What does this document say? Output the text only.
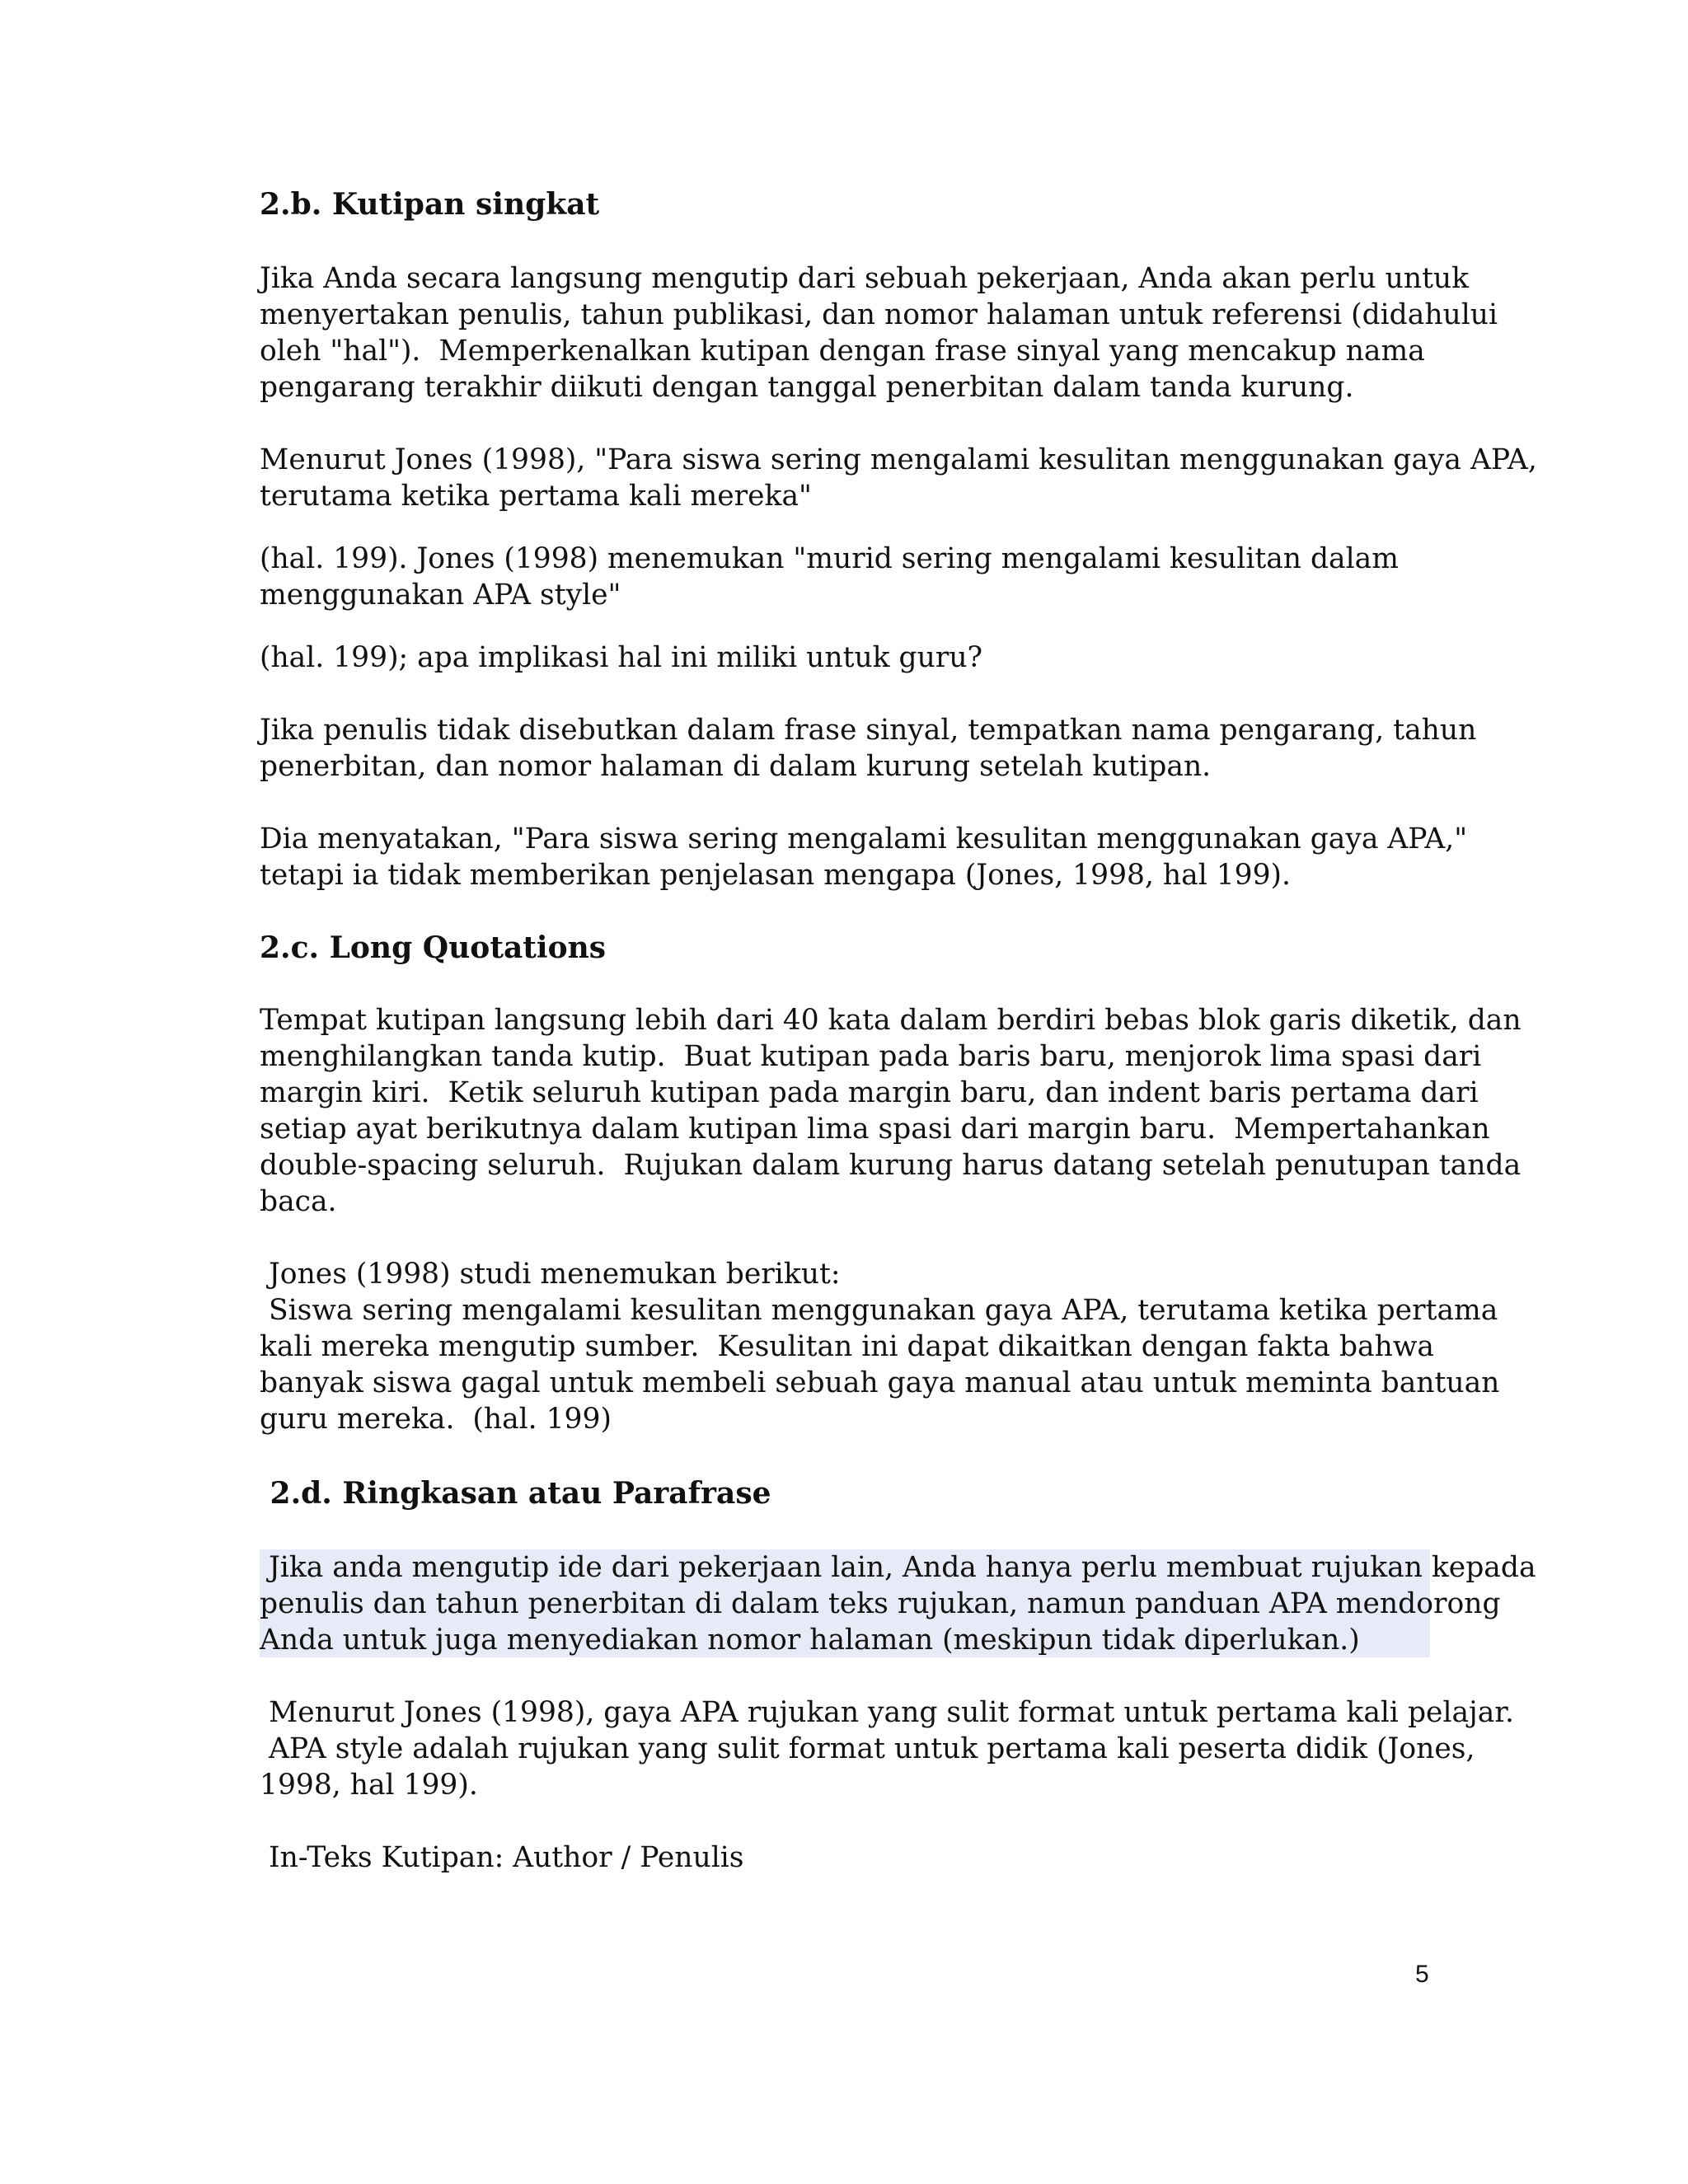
2.b. Kutipan singkat
Jika Anda secara langsung mengutip dari sebuah pekerjaan, Anda akan perlu untuk
menyertakan penulis, tahun publikasi, dan nomor halaman untuk referensi (didahului
oleh "hal").  Memperkenalkan kutipan dengan frase sinyal yang mencakup nama
pengarang terakhir diikuti dengan tanggal penerbitan dalam tanda kurung.
Menurut Jones (1998), "Para siswa sering mengalami kesulitan menggunakan gaya APA,
terutama ketika pertama kali mereka"
(hal. 199). Jones (1998) menemukan "murid sering mengalami kesulitan dalam
menggunakan APA style"
(hal. 199); apa implikasi hal ini miliki untuk guru?
Jika penulis tidak disebutkan dalam frase sinyal, tempatkan nama pengarang, tahun
penerbitan, dan nomor halaman di dalam kurung setelah kutipan.
Dia menyatakan, "Para siswa sering mengalami kesulitan menggunakan gaya APA,"
tetapi ia tidak memberikan penjelasan mengapa (Jones, 1998, hal 199).
2.c. Long Quotations
Tempat kutipan langsung lebih dari 40 kata dalam berdiri bebas blok garis diketik, dan
menghilangkan tanda kutip.  Buat kutipan pada baris baru, menjorok lima spasi dari
margin kiri.  Ketik seluruh kutipan pada margin baru, dan indent baris pertama dari
setiap ayat berikutnya dalam kutipan lima spasi dari margin baru.  Mempertahankan
double-spacing seluruh.  Rujukan dalam kurung harus datang setelah penutupan tanda
baca.
Jones (1998) studi menemukan berikut:
Siswa sering mengalami kesulitan menggunakan gaya APA, terutama ketika pertama
kali mereka mengutip sumber.  Kesulitan ini dapat dikaitkan dengan fakta bahwa
banyak siswa gagal untuk membeli sebuah gaya manual atau untuk meminta bantuan
guru mereka.  (hal. 199)
2.d. Ringkasan atau Parafrase
Jika anda mengutip ide dari pekerjaan lain, Anda hanya perlu membuat rujukan kepada
penulis dan tahun penerbitan di dalam teks rujukan, namun panduan APA mendorong
Anda untuk juga menyediakan nomor halaman (meskipun tidak diperlukan.)
Menurut Jones (1998), gaya APA rujukan yang sulit format untuk pertama kali pelajar.
APA style adalah rujukan yang sulit format untuk pertama kali peserta didik (Jones,
1998, hal 199).
In-Teks Kutipan: Author / Penulis
5
